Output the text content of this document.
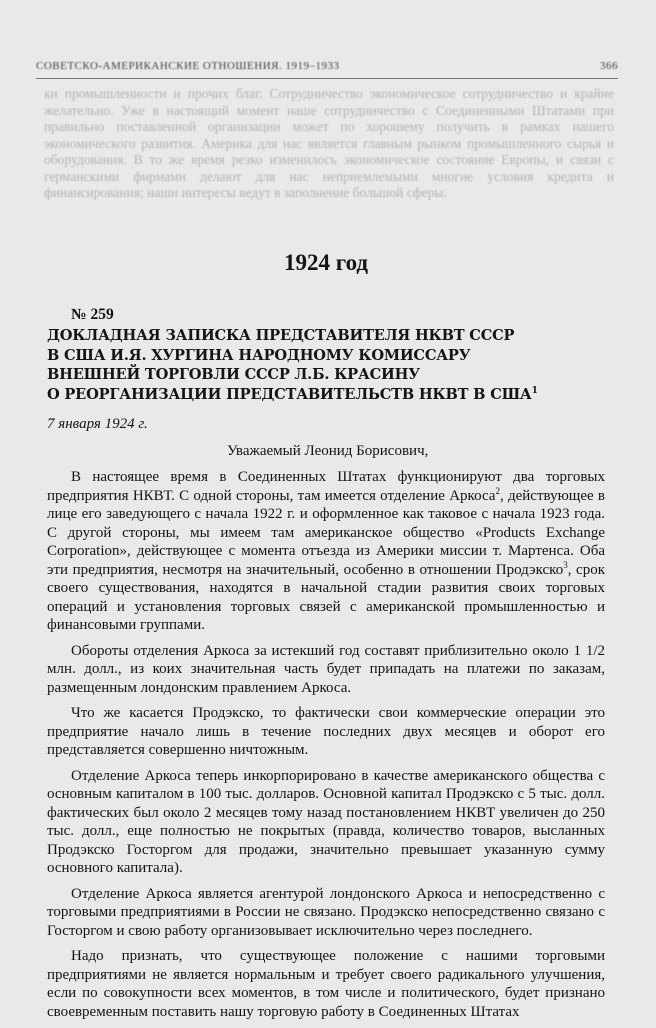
СОВЕТСКО-АМЕРИКАНСКИЕ ОТНОШЕНИЯ. 1919–1933	366
ки промышленности и прочих благ. Сотрудничество экономическое сотрудничество и крайне желательно. Уже в настоящий момент наше сотрудничество с Соединенными Штатами при правильно поставленной организации может по хорошему получить в рамках нашего экономического развития. Америка для нас является главным рынком промышленного сырья и оборудования. В то же время резко изменилось экономическое состояние Европы, и связи с германскими фирмами делают для нас неприемлемыми многие условия кредита и финансирования; наши интересы ведут в заполнение большой сферы.
1924 год
№ 259
ДОКЛАДНАЯ ЗАПИСКА ПРЕДСТАВИТЕЛЯ НКВТ СССР
В США И.Я. ХУРГИНА НАРОДНОМУ КОМИССАРУ
ВНЕШНЕЙ ТОРГОВЛИ СССР Л.Б. КРАСИНУ
О РЕОРГАНИЗАЦИИ ПРЕДСТАВИТЕЛЬСТВ НКВТ В США$^1$
7 января 1924 г.
Уважаемый Леонид Борисович,

В настоящее время в Соединенных Штатах функционируют два торговых предприятия НКВТ. С одной стороны, там имеется отделение Аркоса$^2$, действующее в лице его заведующего с начала 1922 г. и оформленное как таковое с начала 1923 года. С другой стороны, мы имеем там американское общество «Products Exchange Corporation», действующее с момента отъезда из Америки миссии т. Мартенса. Оба эти предприятия, несмотря на значительный, особенно в отношении Продэкско$^3$, срок своего существования, находятся в начальной стадии развития своих торговых операций и установления торговых связей с американской промышленностью и финансовыми группами.

Обороты отделения Аркоса за истекший год составят приблизительно около 1 1/2 млн. долл., из коих значительная часть будет припадать на платежи по заказам, размещенным лондонским правлением Аркоса.

Что же касается Продэкско, то фактически свои коммерческие операции это предприятие начало лишь в течение последних двух месяцев и оборот его представляется совершенно ничтожным.

Отделение Аркоса теперь инкорпорировано в качестве американского общества с основным капиталом в 100 тыс. долларов. Основной капитал Продэкско с 5 тыс. долл. фактических был около 2 месяцев тому назад постановлением НКВТ увеличен до 250 тыс. долл., еще полностью не покрытых (правда, количество товаров, высланных Продэкско Госторгом для продажи, значительно превышает указанную сумму основного капитала).

Отделение Аркоса является агентурой лондонского Аркоса и непосредственно с торговыми предприятиями в России не связано. Продэкско непосредственно связано с Госторгом и свою работу организовывает исключительно через последнего.

Надо признать, что существующее положение с нашими торговыми предприятиями не является нормальным и требует своего радикального улучшения, если по совокупности всех моментов, в том числе и политического, будет признано своевременным поставить нашу торговую работу в Соединенных Штатах
